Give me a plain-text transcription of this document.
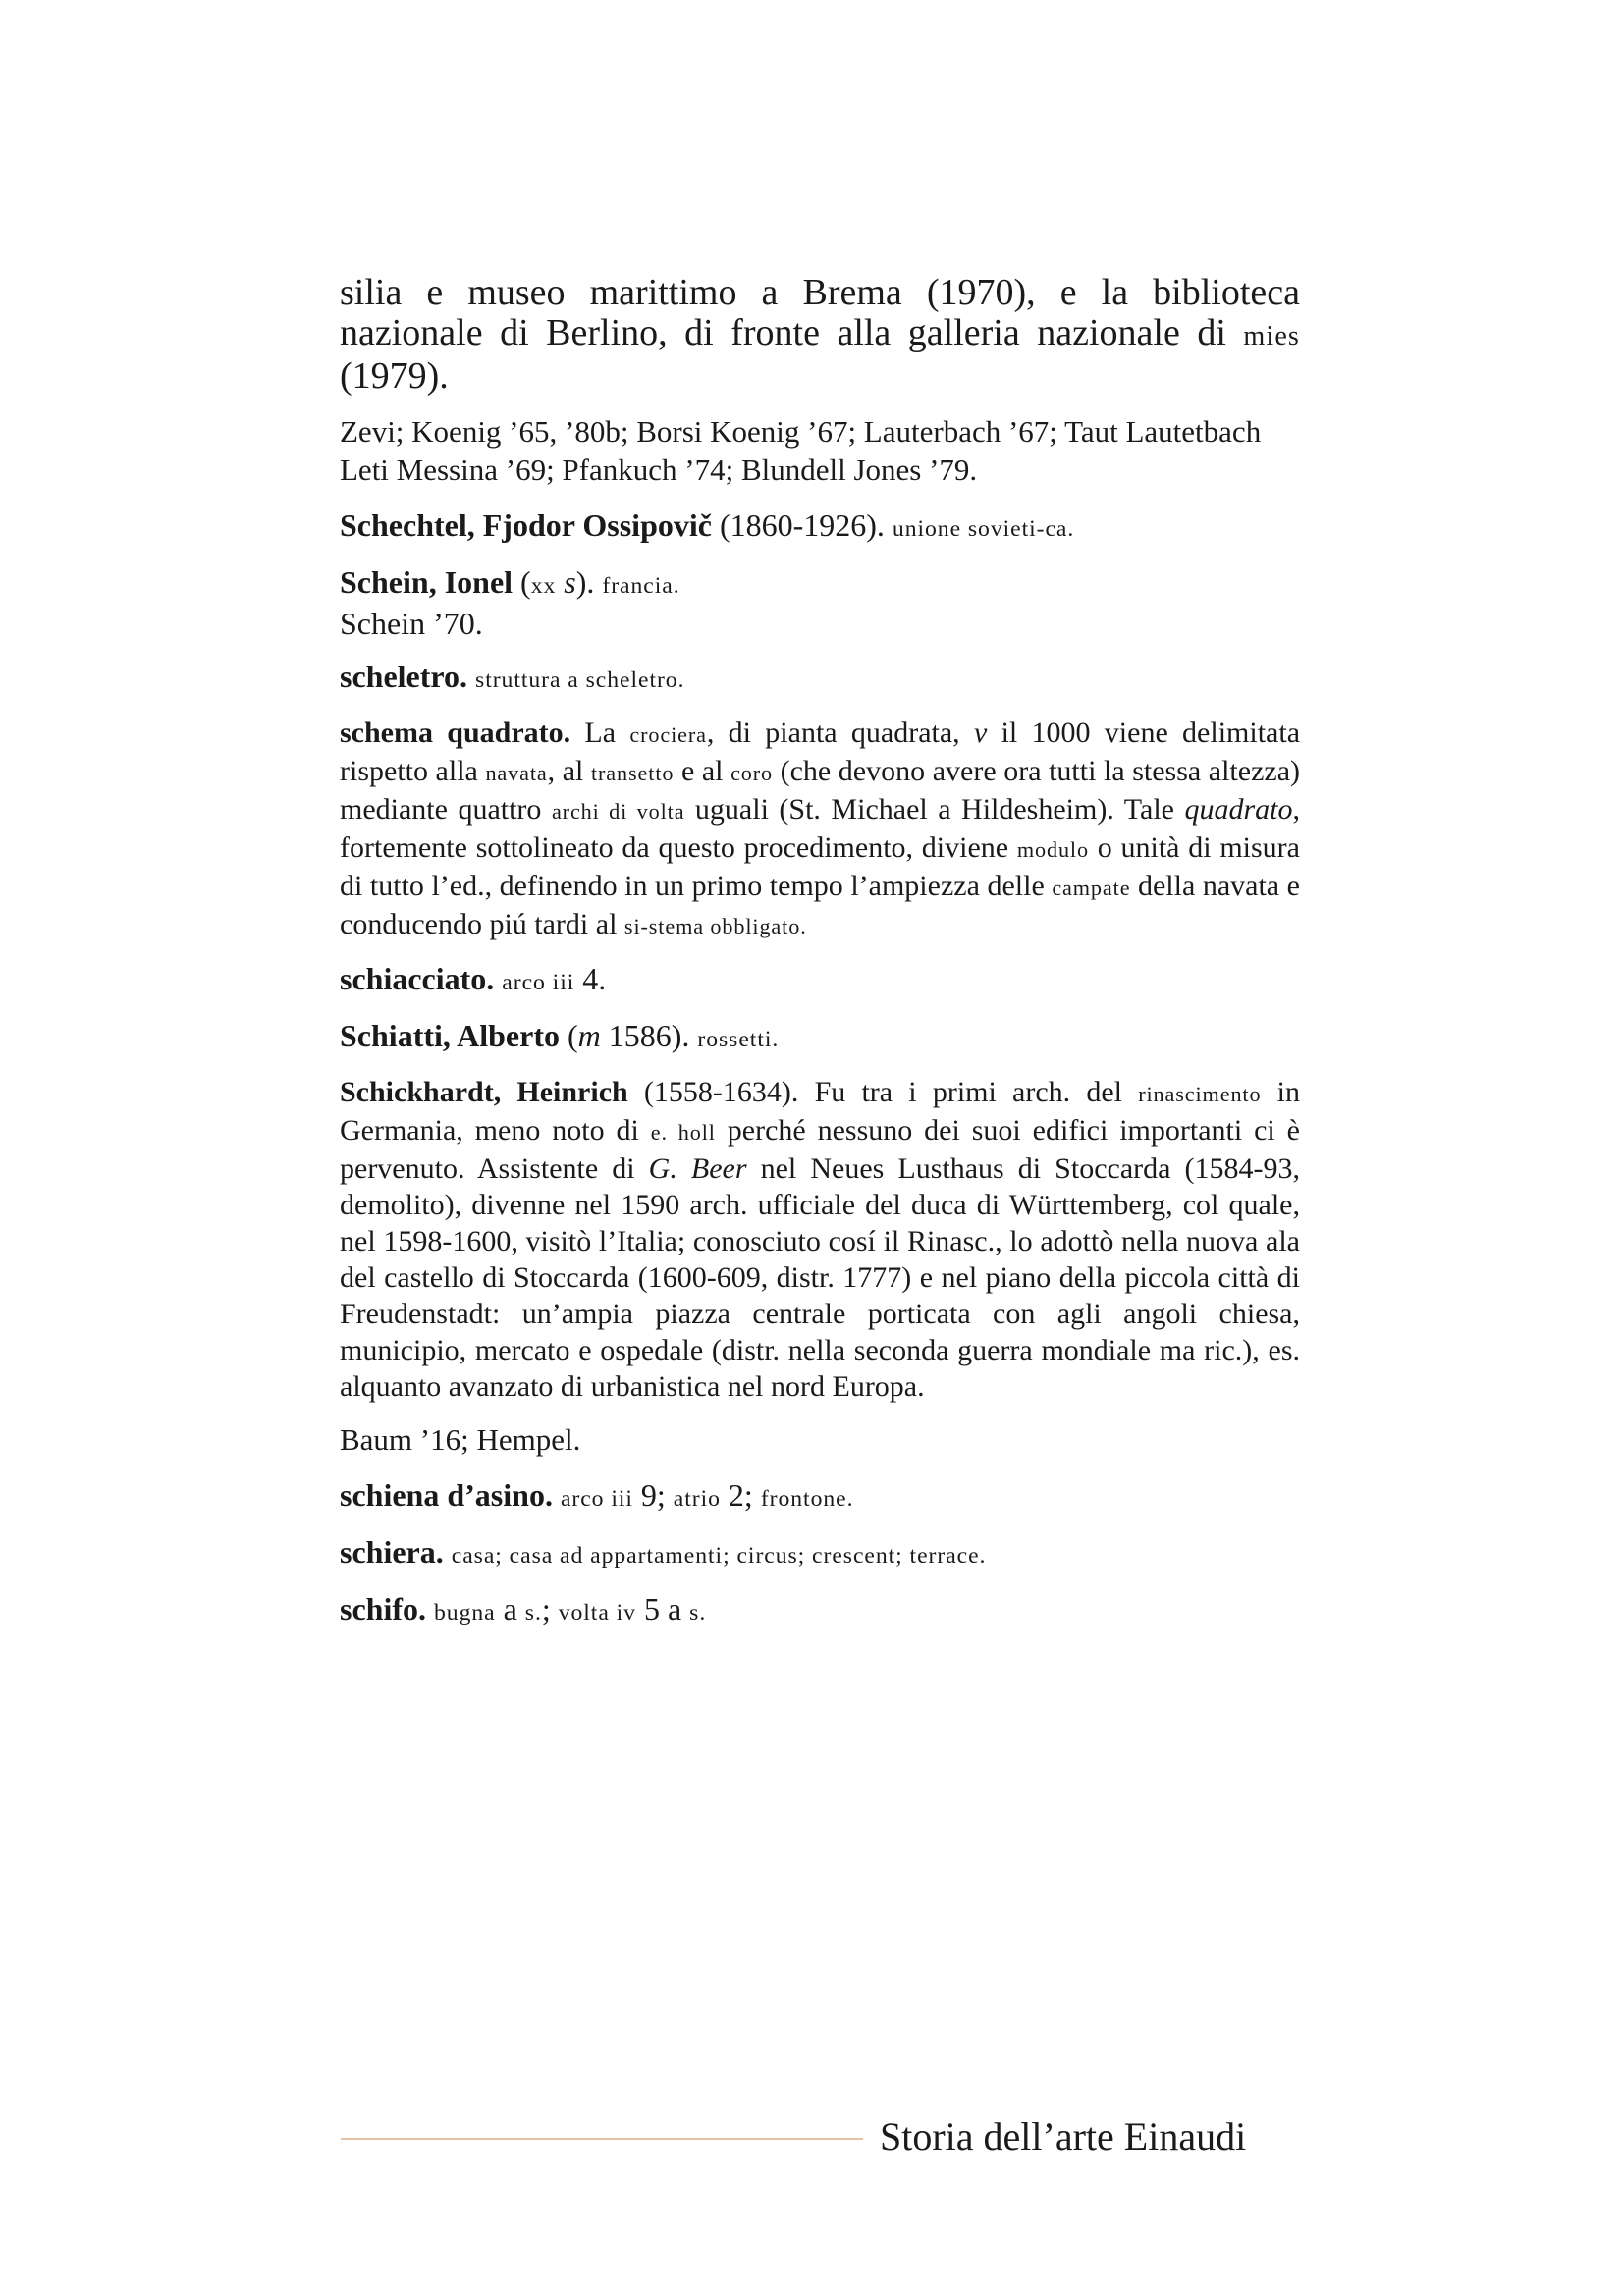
silia e museo marittimo a Brema (1970), e la biblioteca nazionale di Berlino, di fronte alla galleria nazionale di mies (1979).

Zevi; Koenig ’65, ’80b; Borsi Koenig ’67; Lauterbach ’67; Taut Lautetbach Leti Messina ’69; Pfankuch ’74; Blundell Jones ’79.

Schechtel, Fjodor Ossipovič (1860-1926). unione sovieti-ca.

Schein, Ionel (xx s). francia.
Schein ’70.

scheletro. struttura a scheletro.

schema quadrato. La crociera, di pianta quadrata, v il 1000 viene delimitata rispetto alla navata, al transetto e al coro (che devono avere ora tutti la stessa altezza) mediante quattro archi di volta uguali (St. Michael a Hildesheim). Tale quadrato, fortemente sottolineato da questo procedimento, diviene modulo o unità di misura di tutto l’ed., definendo in un primo tempo l’ampiezza delle campate della navata e conducendo piú tardi al si-stema obbligato.

schiacciato. arco iii 4.

Schiatti, Alberto (m 1586). rossetti.

Schickhardt, Heinrich (1558-1634). Fu tra i primi arch. del rinascimento in Germania, meno noto di e. holl perché nessuno dei suoi edifici importanti ci è pervenuto. Assistente di G. Beer nel Neues Lusthaus di Stoccarda (1584-93, demolito), divenne nel 1590 arch. ufficiale del duca di Württemberg, col quale, nel 1598-1600, visitò l’Italia; conosciuto cosí il Rinasc., lo adottò nella nuova ala del castello di Stoccarda (1600-609, distr. 1777) e nel piano della piccola città di Freudenstadt: un’ampia piazza centrale porticata con agli angoli chiesa, municipio, mercato e ospedale (distr. nella seconda guerra mondiale ma ric.), es. alquanto avanzato di urbanistica nel nord Europa.

Baum ’16; Hempel.

schiena d’asino. arco iii 9; atrio 2; frontone.

schiera. casa; casa ad appartamenti; circus; crescent; terrace.

schifo. bugna a s.; volta iv 5 a s.

Storia dell’arte Einaudi
